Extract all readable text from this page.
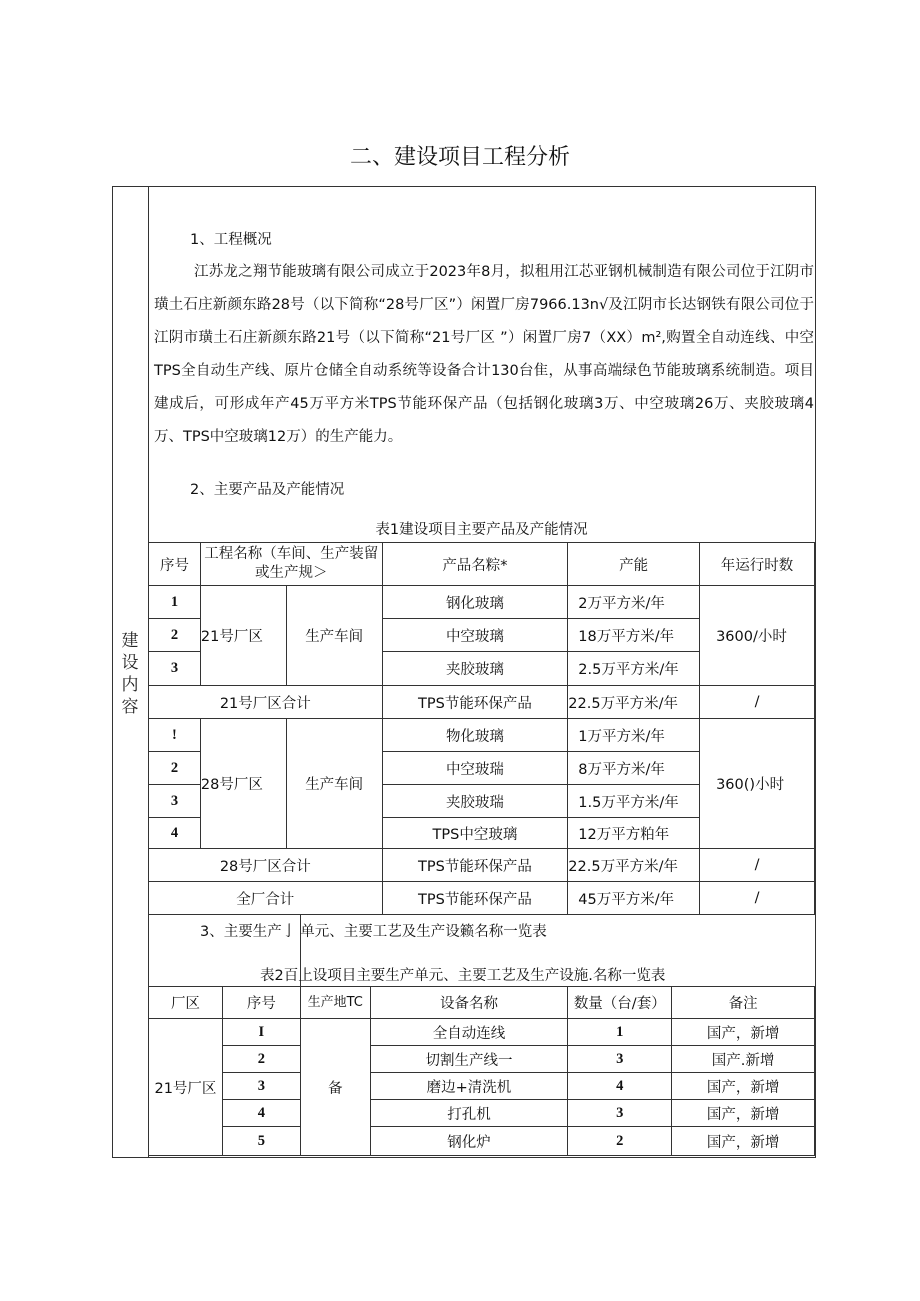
二、建设项目工程分析
建设内容
1、工程概况
江苏龙之翔节能玻璃有限公司成立于2023年8月，拟租用江芯亚钢机械制造有限公司位于江阴市璜土石庄新颜东路28号（以下简称“28号厂区”）闲置厂房7966.13n√及江阴市长达钢铁有限公司位于江阴市璜土石庄新颜东路21号（以下简称“21号厂区 ”）闲置厂房7（XX）m²,购置全自动连线、中空TPS全自动生产线、原片仓储全自动系统等设备合计130台隹，从事高端绿色节能玻璃系统制造。项目建成后，可形成年产45万平方米TPS节能环保产品（包括钢化玻璃3万、中空玻璃26万、夹胶玻璃4万、TPS中空玻璃12万）的生产能力。
2、主要产品及产能情况
表1建设项目主要产品及产能情况
序号	工程名称（车间、生产装留或生产规＞		产品名粽*	产能	年运行时数
1	21号厂区	生产车间	钢化玻璃	2万平方米/年	3600/小时
2			中空玻璃	18万平方米/年	
3			夹胶玻璃	2.5万平方米/年	
21号厂区合计			TPS节能环保产品	22.5万平方米/年	/
!	28号厂区	生产车间	物化玻璃	1万平方米/年	360()小时
2			中空玻瑞	8万平方米/年	
3			夹胶玻瑞	1.5万平方米/年	
4			TPS中空玻璃	12万平方粕年	
28号厂区合计			TPS节能环保产品	22.5万平方米/年	/
全厂合计			TPS节能环保产品	45万平方米/年	/
3、主要生产亅 单元、主要工艺及生产设籁名称一览表
表2百上设项目主要生产单元、主要工艺及生产设施.名称一览表
厂区	序号	生产地TC	设备名称	数量（台/套）	备注
21号厂区	I	备	全自动连线	1	国产，新增
	2		切割生产线一	3	国产.新增
	3		磨边+清洗机	4	国产，新增
	4		打孔机	3	国产，新增
	5		钢化炉	2	国产，新增
